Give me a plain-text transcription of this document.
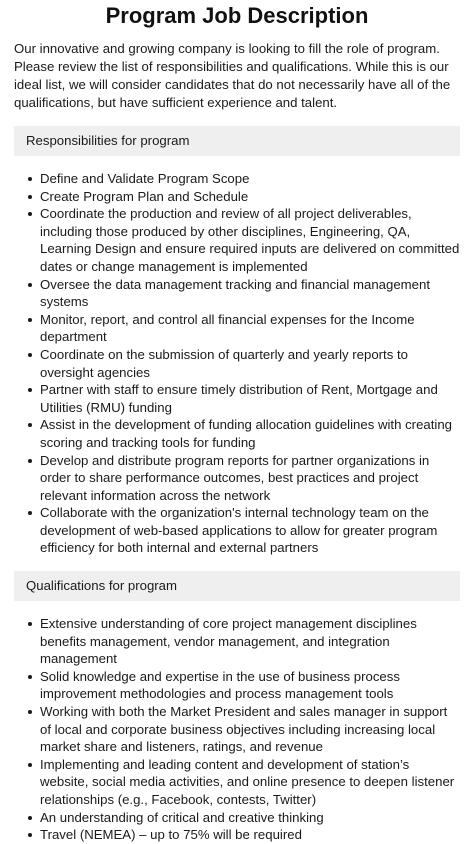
Program Job Description

Our innovative and growing company is looking to fill the role of program. Please review the list of responsibilities and qualifications. While this is our ideal list, we will consider candidates that do not necessarily have all of the qualifications, but have sufficient experience and talent.

Responsibilities for program
Define and Validate Program Scope
Create Program Plan and Schedule
Coordinate the production and review of all project deliverables, including those produced by other disciplines, Engineering, QA, Learning Design and ensure required inputs are delivered on committed dates or change management is implemented
Oversee the data management tracking and financial management systems
Monitor, report, and control all financial expenses for the Income department
Coordinate on the submission of quarterly and yearly reports to oversight agencies
Partner with staff to ensure timely distribution of Rent, Mortgage and Utilities (RMU) funding
Assist in the development of funding allocation guidelines with creating scoring and tracking tools for funding
Develop and distribute program reports for partner organizations in order to share performance outcomes, best practices and project relevant information across the network
Collaborate with the organization's internal technology team on the development of web-based applications to allow for greater program efficiency for both internal and external partners
Qualifications for program
Extensive understanding of core project management disciplines benefits management, vendor management, and integration management
Solid knowledge and expertise in the use of business process improvement methodologies and process management tools
Working with both the Market President and sales manager in support of local and corporate business objectives including increasing local market share and listeners, ratings, and revenue
Implementing and leading content and development of station’s website, social media activities, and online presence to deepen listener relationships (e.g., Facebook, contests, Twitter)
An understanding of critical and creative thinking
Travel (NEMEA) – up to 75% will be required
